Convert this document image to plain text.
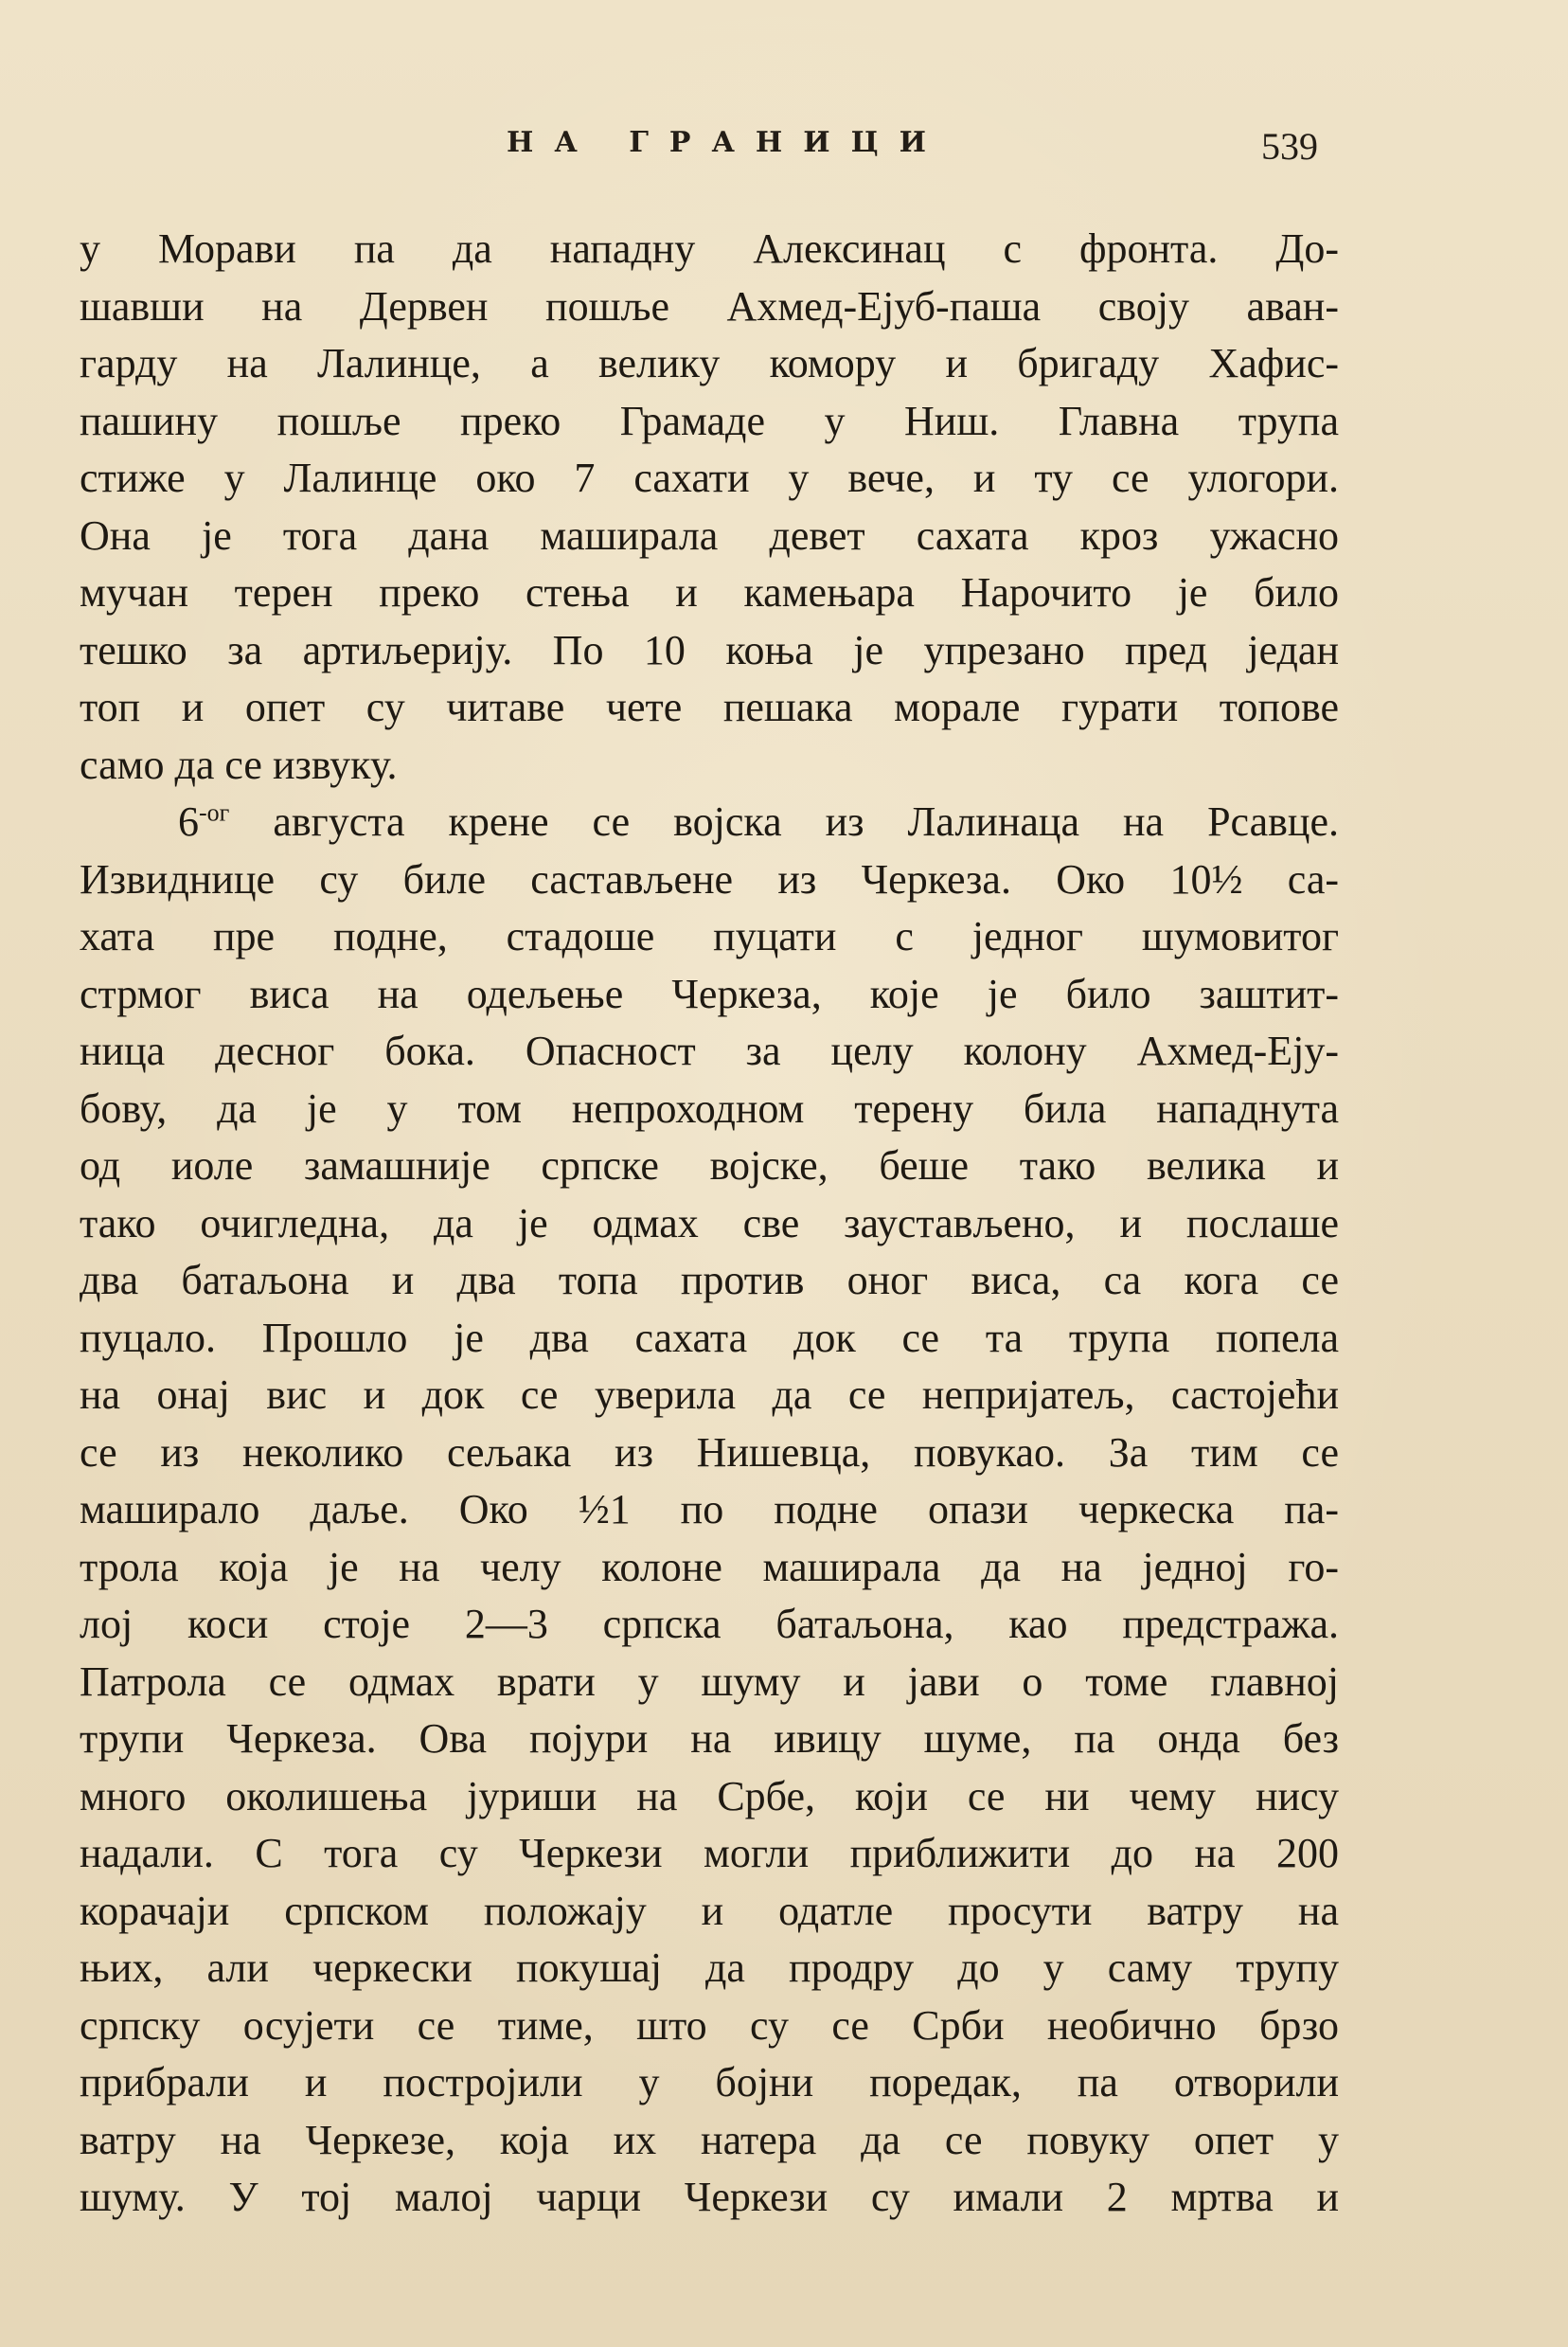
НА ГРАНИЦИ	539
у Морави па да нападну Алексинац с фронта. До-
шавши на Дервен пошље Ахмед-Ејуб-паша своју аван-
гарду на Лалинце, а велику комору и бригаду Хафис-
пашину пошље преко Грамаде у Ниш. Главна трупа
стиже у Лалинце око 7 сахати у вече, и ту се улогори.
Она је тога дана маширала девет сахата кроз ужасно
мучан терен преко стења и камењара Нарочито је било
тешко за артиљерију. По 10 коња је упрезано пред један
топ и опет су читаве чете пешака морале гурати топове
само да се извуку.
$6^{-ог}$ августа крене се војска из Лалинаца на Рсавце.
Извиднице су биле састављене из Черкеза. Око 10½ са-
хата пре подне, стадоше пуцати с једног шумовитог
стрмог виса на одељење Черкеза, које је било заштит-
ница десног бока. Опасност за целу колону Ахмед-Еју-
бову, да је у том непроходном терену била нападнута
од иоле замашније српске војске, беше тако велика и
тако очигледна, да је одмах све заустављено, и послаше
два батаљона и два топа против оног виса, са кога се
пуцало. Прошло је два сахата док се та трупа попела
на онај вис и док се уверила да се непријатељ, састојећи
се из неколико сељака из Нишевца, повукао. За тим се
маширало даље. Око ½1 по подне опази черкеска па-
трола која је на челу колоне маширала да на једној го-
лој коси стоје 2—3 српска батаљона, као предстража.
Патрола се одмах врати у шуму и јави о томе главној
трупи Черкеза. Ова појури на ивицу шуме, па онда без
много околишења јуриши на Србе, који се ни чему нису
надали. С тога су Черкези могли приближити до на 200
корачаји српском положају и одатле просути ватру на
њих, али черкески покушај да продру до у саму трупу
српску осујети се тиме, што су се Срби необично брзо
прибрали и постројили у бојни поредак, па отворили
ватру на Черкезе, која их натера да се повуку опет у
шуму. У тој малој чарци Черкези су имали 2 мртва и
